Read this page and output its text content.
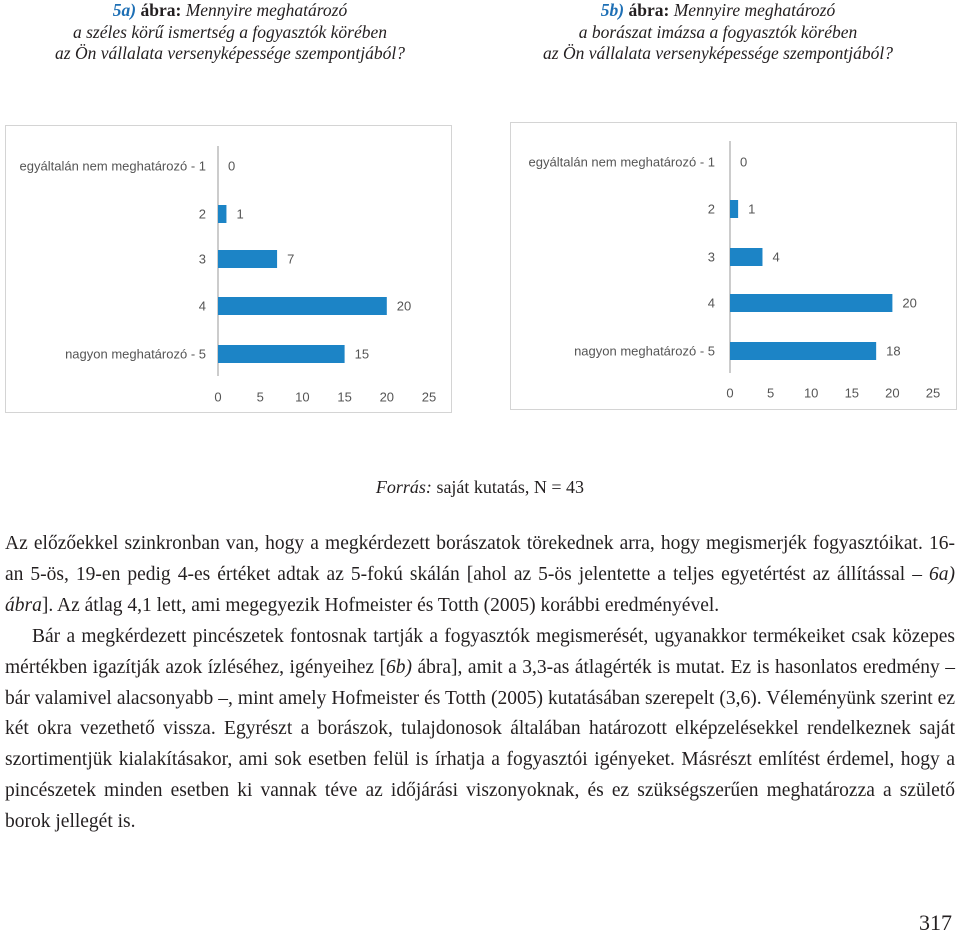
5a) ábra: Mennyire meghatározó
a széles körű ismertség a fogyasztók körében
az Ön vállalata versenyképessége szempontjából?
5b) ábra: Mennyire meghatározó
a borászat imázsa a fogyasztók körében
az Ön vállalata versenyképessége szempontjából?
egyáltalán nem meghatározó - 1 0
2 1
3	7
4	20
nagyon meghatározó - 5	15
0	5 10 15 20 25
egyáltalán nem meghatározó - 1 0
2	1
3	4
4	20
nagyon meghatározó - 5	18
0	5 10 15 20 25
Forrás: saját kutatás, N = 43

Az előzőekkel szinkronban van, hogy a megkérdezett borászatok törekednek arra, hogy megismerjék fogyasztóikat. 16-an 5-ös, 19-en pedig 4-es értéket adtak az 5-fokú skálán [ahol az 5-ös jelentette a teljes egyetértést az állítással – 6a) ábra]. Az átlag 4,1 lett, ami megegyezik Hofmeister és Totth (2005) korábbi eredményével.

Bár a megkérdezett pincészetek fontosnak tartják a fogyasztók megismerését, ugyanakkor termékeiket csak közepes mértékben igazítják azok ízléséhez, igényeihez [6b) ábra], amit a 3,3-as átlagérték is mutat. Ez is hasonlatos eredmény – bár valamivel alacsonyabb –, mint amely Hofmeister és Totth (2005) kutatásában szerepelt (3,6). Véleményünk szerint ez két okra vezethető vissza. Egyrészt a borászok, tulajdonosok általában határozott elképzelésekkel rendelkeznek saját szortimentjük kialakításakor, ami sok esetben felül is írhatja a fogyasztói igényeket. Másrészt említést érdemel, hogy a pincészetek minden esetben ki vannak téve az időjárási viszonyoknak, és ez szükségszerűen meghatározza a születő borok jellegét is.

317
